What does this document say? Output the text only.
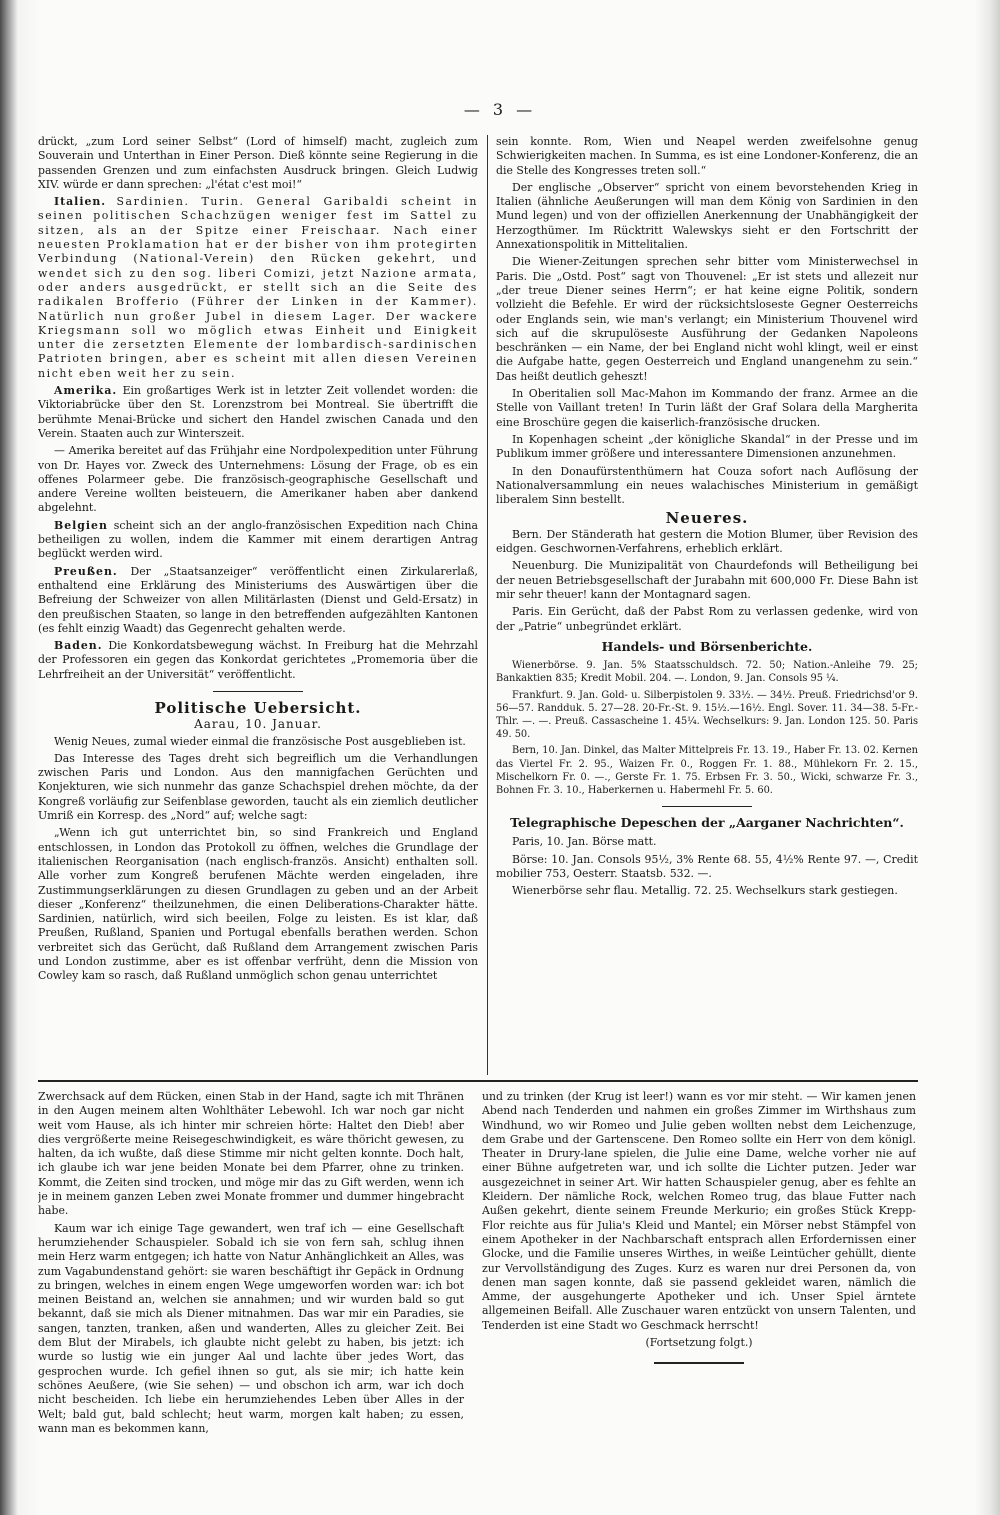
— 3 —

drückt, „zum Lord seiner Selbst“ (Lord of himself) macht, zugleich zum Souverain und Unterthan in Einer Person. Dieß könnte seine Regierung in die passenden Grenzen und zum einfachsten Ausdruck bringen. Gleich Ludwig XIV. würde er dann sprechen: „l'état c'est moi!“

Italien. Sardinien. Turin. General Garibaldi scheint in seinen politischen Schachzügen weniger fest im Sattel zu sitzen, als an der Spitze einer Freischaar. Nach einer neuesten Proklamation hat er der bisher von ihm protegirten Verbindung (National-Verein) den Rücken gekehrt, und wendet sich zu den sog. liberi Comizi, jetzt Nazione armata, oder anders ausgedrückt, er stellt sich an die Seite des radikalen Brofferio (Führer der Linken in der Kammer). Natürlich nun großer Jubel in diesem Lager. Der wackere Kriegsmann soll wo möglich etwas Einheit und Einigkeit unter die zersetzten Elemente der lombardisch-sardinischen Patrioten bringen, aber es scheint mit allen diesen Vereinen nicht eben weit her zu sein.

Amerika. Ein großartiges Werk ist in letzter Zeit vollendet worden: die Viktoriabrücke über den St. Lorenzstrom bei Montreal. Sie übertrifft die berühmte Menai-Brücke und sichert den Handel zwischen Canada und den Verein. Staaten auch zur Winterszeit.

— Amerika bereitet auf das Frühjahr eine Nordpolexpedition unter Führung von Dr. Hayes vor. Zweck des Unternehmens: Lösung der Frage, ob es ein offenes Polarmeer gebe. Die französisch-geographische Gesellschaft und andere Vereine wollten beisteuern, die Amerikaner haben aber dankend abgelehnt.

Belgien scheint sich an der anglo-französischen Expedition nach China betheiligen zu wollen, indem die Kammer mit einem derartigen Antrag beglückt werden wird.

Preußen. Der „Staatsanzeiger“ veröffentlicht einen Zirkularerlaß, enthaltend eine Erklärung des Ministeriums des Auswärtigen über die Befreiung der Schweizer von allen Militärlasten (Dienst und Geld-Ersatz) in den preußischen Staaten, so lange in den betreffenden aufgezählten Kantonen (es fehlt einzig Waadt) das Gegenrecht gehalten werde.

Baden. Die Konkordatsbewegung wächst. In Freiburg hat die Mehrzahl der Professoren ein gegen das Konkordat gerichtetes „Promemoria über die Lehrfreiheit an der Universität“ veröffentlicht.

Politische Uebersicht.
Aarau, 10. Januar.

Wenig Neues, zumal wieder einmal die französische Post ausgeblieben ist.

Das Interesse des Tages dreht sich begreiflich um die Verhandlungen zwischen Paris und London. Aus den mannigfachen Gerüchten und Konjekturen, wie sich nunmehr das ganze Schachspiel drehen möchte, da der Kongreß vorläufig zur Seifenblase geworden, taucht als ein ziemlich deutlicher Umriß ein Korresp. des „Nord“ auf; welche sagt:

„Wenn ich gut unterrichtet bin, so sind Frankreich und England entschlossen, in London das Protokoll zu öffnen, welches die Grundlage der italienischen Reorganisation (nach englisch-französ. Ansicht) enthalten soll. Alle vorher zum Kongreß berufenen Mächte werden eingeladen, ihre Zustimmungserklärungen zu diesen Grundlagen zu geben und an der Arbeit dieser „Konferenz“ theilzunehmen, die einen Deliberations-Charakter hätte. Sardinien, natürlich, wird sich beeilen, Folge zu leisten. Es ist klar, daß Preußen, Rußland, Spanien und Portugal ebenfalls berathen werden. Schon verbreitet sich das Gerücht, daß Rußland dem Arrangement zwischen Paris und London zustimme, aber es ist offenbar verfrüht, denn die Mission von Cowley kam so rasch, daß Rußland unmöglich schon genau unterrichtet

sein konnte. Rom, Wien und Neapel werden zweifelsohne genug Schwierigkeiten machen. In Summa, es ist eine Londoner-Konferenz, die an die Stelle des Kongresses treten soll.“

Der englische „Observer“ spricht von einem bevorstehenden Krieg in Italien (ähnliche Aeußerungen will man dem König von Sardinien in den Mund legen) und von der offiziellen Anerkennung der Unabhängigkeit der Herzogthümer. Im Rücktritt Walewskys sieht er den Fortschritt der Annexationspolitik in Mittelitalien.

Die Wiener-Zeitungen sprechen sehr bitter vom Ministerwechsel in Paris. Die „Ostd. Post“ sagt von Thouvenel: „Er ist stets und allezeit nur „der treue Diener seines Herrn“; er hat keine eigne Politik, sondern vollzieht die Befehle. Er wird der rücksichtsloseste Gegner Oesterreichs oder Englands sein, wie man's verlangt; ein Ministerium Thouvenel wird sich auf die skrupulöseste Ausführung der Gedanken Napoleons beschränken — ein Name, der bei England nicht wohl klingt, weil er einst die Aufgabe hatte, gegen Oesterreich und England unangenehm zu sein.“ Das heißt deutlich geheszt!

In Oberitalien soll Mac-Mahon im Kommando der franz. Armee an die Stelle von Vaillant treten! In Turin läßt der Graf Solara della Margherita eine Broschüre gegen die kaiserlich-französische drucken.

In Kopenhagen scheint „der königliche Skandal“ in der Presse und im Publikum immer größere und interessantere Dimensionen anzunehmen.

In den Donaufürstenthümern hat Couza sofort nach Auflösung der Nationalversammlung ein neues walachisches Ministerium in gemäßigt liberalem Sinn bestellt.

Neueres.

Bern. Der Ständerath hat gestern die Motion Blumer, über Revision des eidgen. Geschwornen-Verfahrens, erheblich erklärt.

Neuenburg. Die Munizipalität von Chaurdefonds will Betheiligung bei der neuen Betriebsgesellschaft der Jurabahn mit 600,000 Fr. Diese Bahn ist mir sehr theuer! kann der Montagnard sagen.

Paris. Ein Gerücht, daß der Pabst Rom zu verlassen gedenke, wird von der „Patrie“ unbegründet erklärt.

Handels- und Börsenberichte.

Wienerbörse. 9. Jan. 5% Staatsschuldsch. 72. 50; Nation.-Anleihe 79. 25; Bankaktien 835; Kredit Mobil. 204. —. London, 9. Jan. Consols 95 ¼.

Frankfurt. 9. Jan. Gold- u. Silberpistolen 9. 33½. — 34½. Preuß. Friedrichsd'or 9. 56—57. Randduk. 5. 27—28. 20-Fr.-St. 9. 15½.—16½. Engl. Sover. 11. 34—38. 5-Fr.-Thlr. —. —. Preuß. Cassascheine 1. 45¼. Wechselkurs: 9. Jan. London 125. 50. Paris 49. 50.

Bern, 10. Jan. Dinkel, das Malter Mittelpreis Fr. 13. 19., Haber Fr. 13. 02. Kernen das Viertel Fr. 2. 95., Waizen Fr. 0., Roggen Fr. 1. 88., Mühlekorn Fr. 2. 15., Mischelkorn Fr. 0. —., Gerste Fr. 1. 75. Erbsen Fr. 3. 50., Wicki, schwarze Fr. 3., Bohnen Fr. 3. 10., Haberkernen u. Habermehl Fr. 5. 60.

Telegraphische Depeschen der „Aarganer Nachrichten“.

Paris, 10. Jan. Börse matt.

Börse: 10. Jan. Consols 95½, 3% Rente 68. 55, 4½% Rente 97. —, Credit mobilier 753, Oesterr. Staatsb. 532. —.

Wienerbörse sehr flau. Metallig. 72. 25. Wechselkurs stark gestiegen.

Zwerchsack auf dem Rücken, einen Stab in der Hand, sagte ich mit Thränen in den Augen meinem alten Wohlthäter Lebewohl. Ich war noch gar nicht weit vom Hause, als ich hinter mir schreien hörte: Haltet den Dieb! aber dies vergrößerte meine Reisegeschwindigkeit, es wäre thöricht gewesen, zu halten, da ich wußte, daß diese Stimme mir nicht gelten konnte. Doch halt, ich glaube ich war jene beiden Monate bei dem Pfarrer, ohne zu trinken. Kommt, die Zeiten sind trocken, und möge mir das zu Gift werden, wenn ich je in meinem ganzen Leben zwei Monate frommer und dummer hingebracht habe.

Kaum war ich einige Tage gewandert, wen traf ich — eine Gesellschaft herumziehender Schauspieler. Sobald ich sie von fern sah, schlug ihnen mein Herz warm entgegen; ich hatte von Natur Anhänglichkeit an Alles, was zum Vagabundenstand gehört: sie waren beschäftigt ihr Gepäck in Ordnung zu bringen, welches in einem engen Wege umgeworfen worden war: ich bot meinen Beistand an, welchen sie annahmen; und wir wurden bald so gut bekannt, daß sie mich als Diener mitnahmen. Das war mir ein Paradies, sie sangen, tanzten, tranken, aßen und wanderten, Alles zu gleicher Zeit. Bei dem Blut der Mirabels, ich glaubte nicht gelebt zu haben, bis jetzt: ich wurde so lustig wie ein junger Aal und lachte über jedes Wort, das gesprochen wurde. Ich gefiel ihnen so gut, als sie mir; ich hatte kein schönes Aeußere, (wie Sie sehen) — und obschon ich arm, war ich doch nicht bescheiden. Ich liebe ein herumziehendes Leben über Alles in der Welt; bald gut, bald schlecht; heut warm, morgen kalt haben; zu essen, wann man es bekommen kann,

und zu trinken (der Krug ist leer!) wann es vor mir steht. — Wir kamen jenen Abend nach Tenderden und nahmen ein großes Zimmer im Wirthshaus zum Windhund, wo wir Romeo und Julie geben wollten nebst dem Leichenzuge, dem Grabe und der Gartenscene. Den Romeo sollte ein Herr von dem königl. Theater in Drury-lane spielen, die Julie eine Dame, welche vorher nie auf einer Bühne aufgetreten war, und ich sollte die Lichter putzen. Jeder war ausgezeichnet in seiner Art. Wir hatten Schauspieler genug, aber es fehlte an Kleidern. Der nämliche Rock, welchen Romeo trug, das blaue Futter nach Außen gekehrt, diente seinem Freunde Merkurio; ein großes Stück Krepp-Flor reichte aus für Julia's Kleid und Mantel; ein Mörser nebst Stämpfel von einem Apotheker in der Nachbarschaft entsprach allen Erfordernissen einer Glocke, und die Familie unseres Wirthes, in weiße Leintücher gehüllt, diente zur Vervollständigung des Zuges. Kurz es waren nur drei Personen da, von denen man sagen konnte, daß sie passend gekleidet waren, nämlich die Amme, der ausgehungerte Apotheker und ich. Unser Spiel ärntete allgemeinen Beifall. Alle Zuschauer waren entzückt von unsern Talenten, und Tenderden ist eine Stadt wo Geschmack herrscht!

(Fortsetzung folgt.)
